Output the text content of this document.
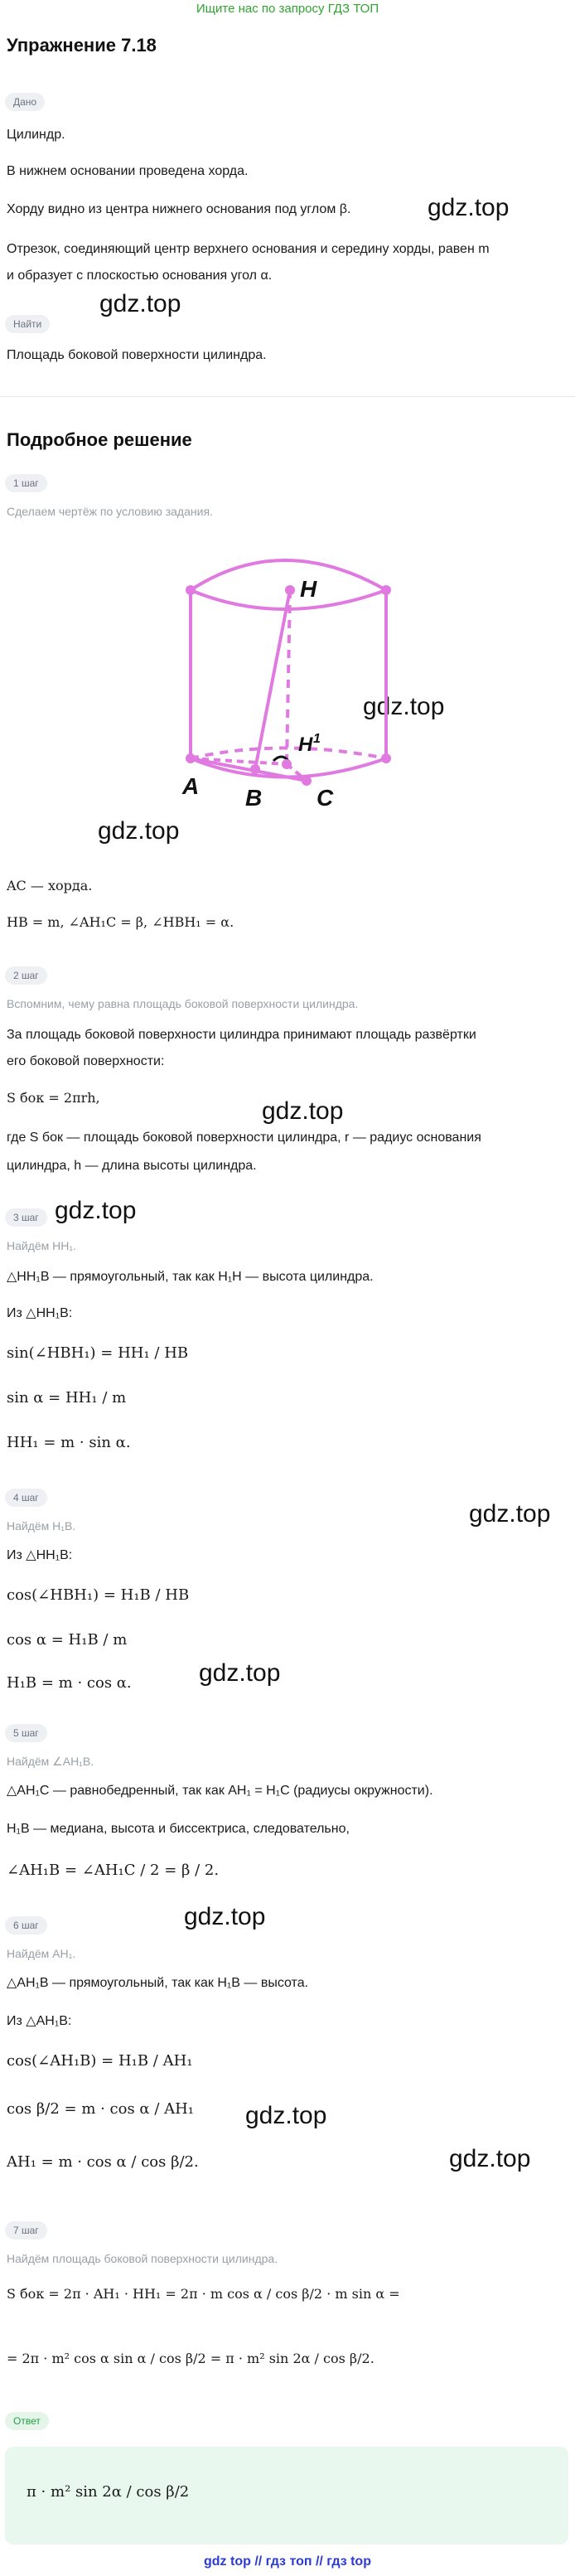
Ищите нас по запросу ГДЗ ТОП
Упражнение 7.18
Дано
Цилиндр.
В нижнем основании проведена хорда.
Хорду видно из центра нижнего основания под углом β.
Отрезок, соединяющий центр верхнего основания и середину хорды, равен m
и образует с плоскостью основания угол α.
Найти
Площадь боковой поверхности цилиндра.
Подробное решение
gdz.top
gdz.top
gdz.top
gdz.top
gdz.top
gdz.top
gdz.top
gdz.top
gdz.top
gdz.top
gdz.top
1 шаг
Сделаем чертёж по условию задания.
H
H 1
A B C
AC — хорда.
HB = m, ∠AH₁C = β, ∠HBH₁ = α.
2 шаг
Вспомним, чему равна площадь боковой поверхности цилиндра.
За площадь боковой поверхности цилиндра принимают площадь развёртки
его боковой поверхности:
S бок = 2πrh,
где S бок — площадь боковой поверхности цилиндра, r — радиус основания
цилиндра, h — длина высоты цилиндра.
3 шаг
Найдём HH₁.
△HH₁B — прямоугольный, так как H₁H — высота цилиндра.
Из △HH₁B:
sin(∠HBH₁) = HH₁ / HB
sin α = HH₁ / m
HH₁ = m · sin α.
4 шаг
Найдём H₁B.
Из △HH₁B:
cos(∠HBH₁) = H₁B / HB
cos α = H₁B / m
H₁B = m · cos α.
5 шаг
Найдём ∠AH₁B.
△AH₁C — равнобедренный, так как AH₁ = H₁C (радиусы окружности).
H₁B — медиана, высота и биссектриса, следовательно,
∠AH₁B = ∠AH₁C / 2 = β / 2.
6 шаг
Найдём AH₁.
△AH₁B — прямоугольный, так как H₁B — высота.
Из △AH₁B:
cos(∠AH₁B) = H₁B / AH₁
cos β/2 = m · cos α / AH₁
AH₁ = m · cos α / cos β/2.
7 шаг
Найдём площадь боковой поверхности цилиндра.
S бок = 2π · AH₁ · HH₁ = 2π · m cos α / cos β/2 · m sin α =
= 2π · m² cos α sin α / cos β/2 = π · m² sin 2α / cos β/2.
Ответ
π · m² sin 2α / cos β/2
gdz top // гдз топ // гдз top
